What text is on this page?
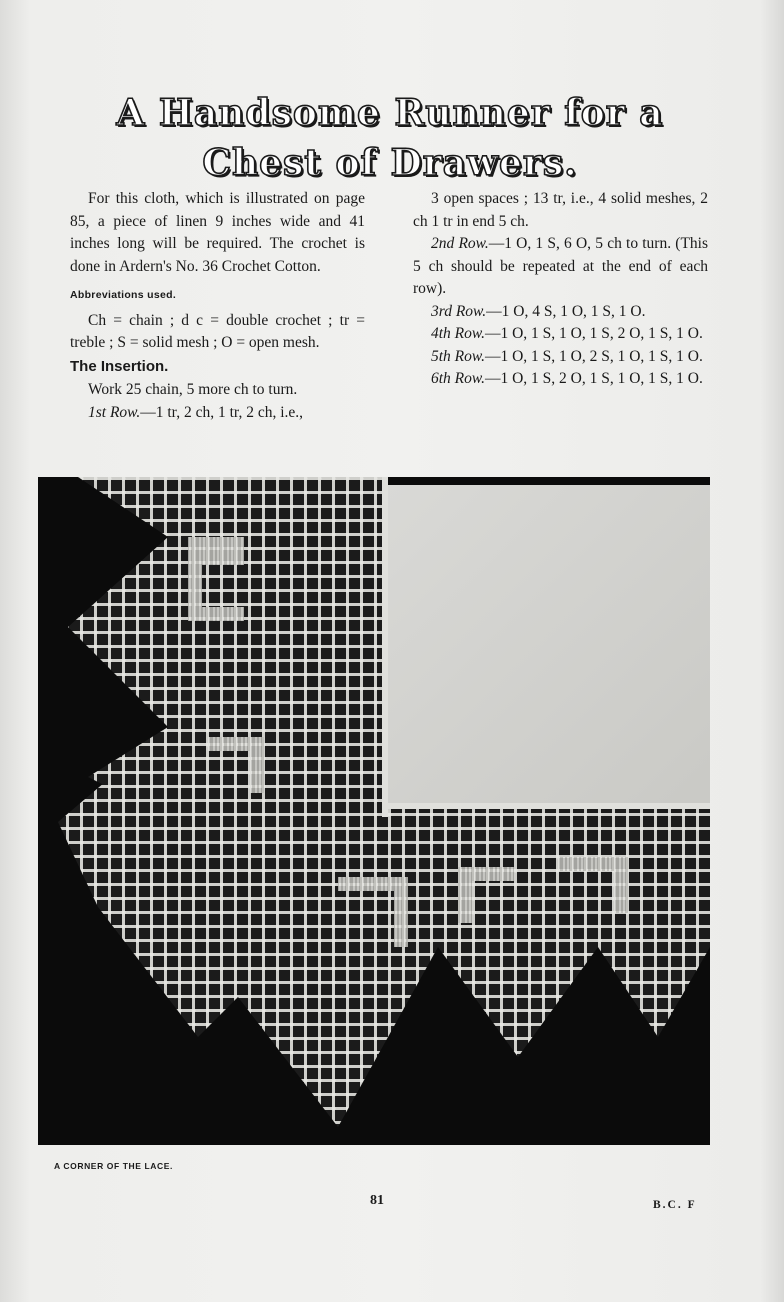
A Handsome Runner for a Chest of Drawers.

For this cloth, which is illustrated on page 85, a piece of linen 9 inches wide and 41 inches long will be required. The crochet is done in Ardern's No. 36 Crochet Cotton.

Abbreviations used.

Ch = chain ; d c = double crochet ; tr = treble ; S = solid mesh ; O = open mesh.

The Insertion.

Work 25 chain, 5 more ch to turn.

1st Row.—1 tr, 2 ch, 1 tr, 2 ch, i.e.,

3 open spaces ; 13 tr, i.e., 4 solid meshes, 2 ch 1 tr in end 5 ch.

2nd Row.—1 O, 1 S, 6 O, 5 ch to turn. (This 5 ch should be repeated at the end of each row).

3rd Row.—1 O, 4 S, 1 O, 1 S, 1 O.

4th Row.—1 O, 1 S, 1 O, 1 S, 2 O, 1 S, 1 O.

5th Row.—1 O, 1 S, 1 O, 2 S, 1 O, 1 S, 1 O.

6th Row.—1 O, 1 S, 2 O, 1 S, 1 O, 1 S, 1 O.

A CORNER OF THE LACE.
81	B.C. F
